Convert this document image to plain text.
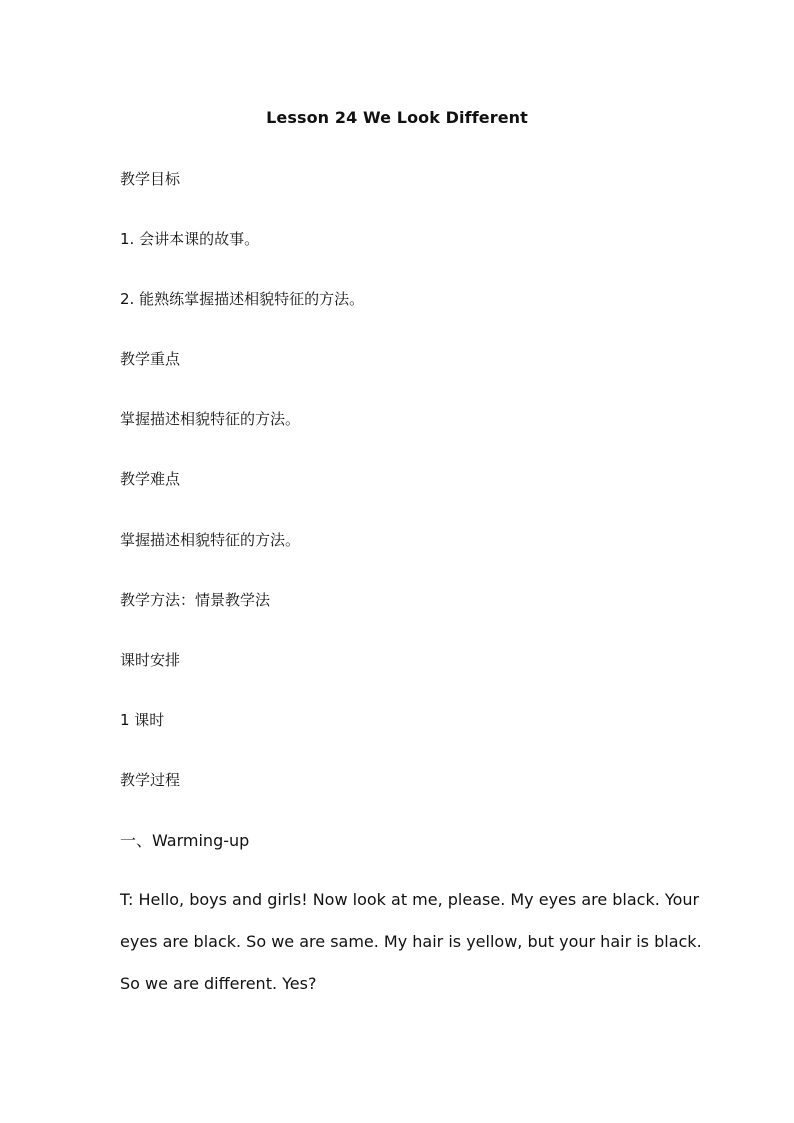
Lesson 24 We Look Different
教学目标
1. 会讲本课的故事。
2. 能熟练掌握描述相貌特征的方法。
教学重点
掌握描述相貌特征的方法。
教学难点
掌握描述相貌特征的方法。
教学方法：情景教学法
课时安排
1 课时
教学过程
一、Warming-up
T: Hello, boys and girls! Now look at me, please. My eyes are black. Your
eyes are black. So we are same. My hair is yellow, but your hair is black.
So we are different. Yes?
